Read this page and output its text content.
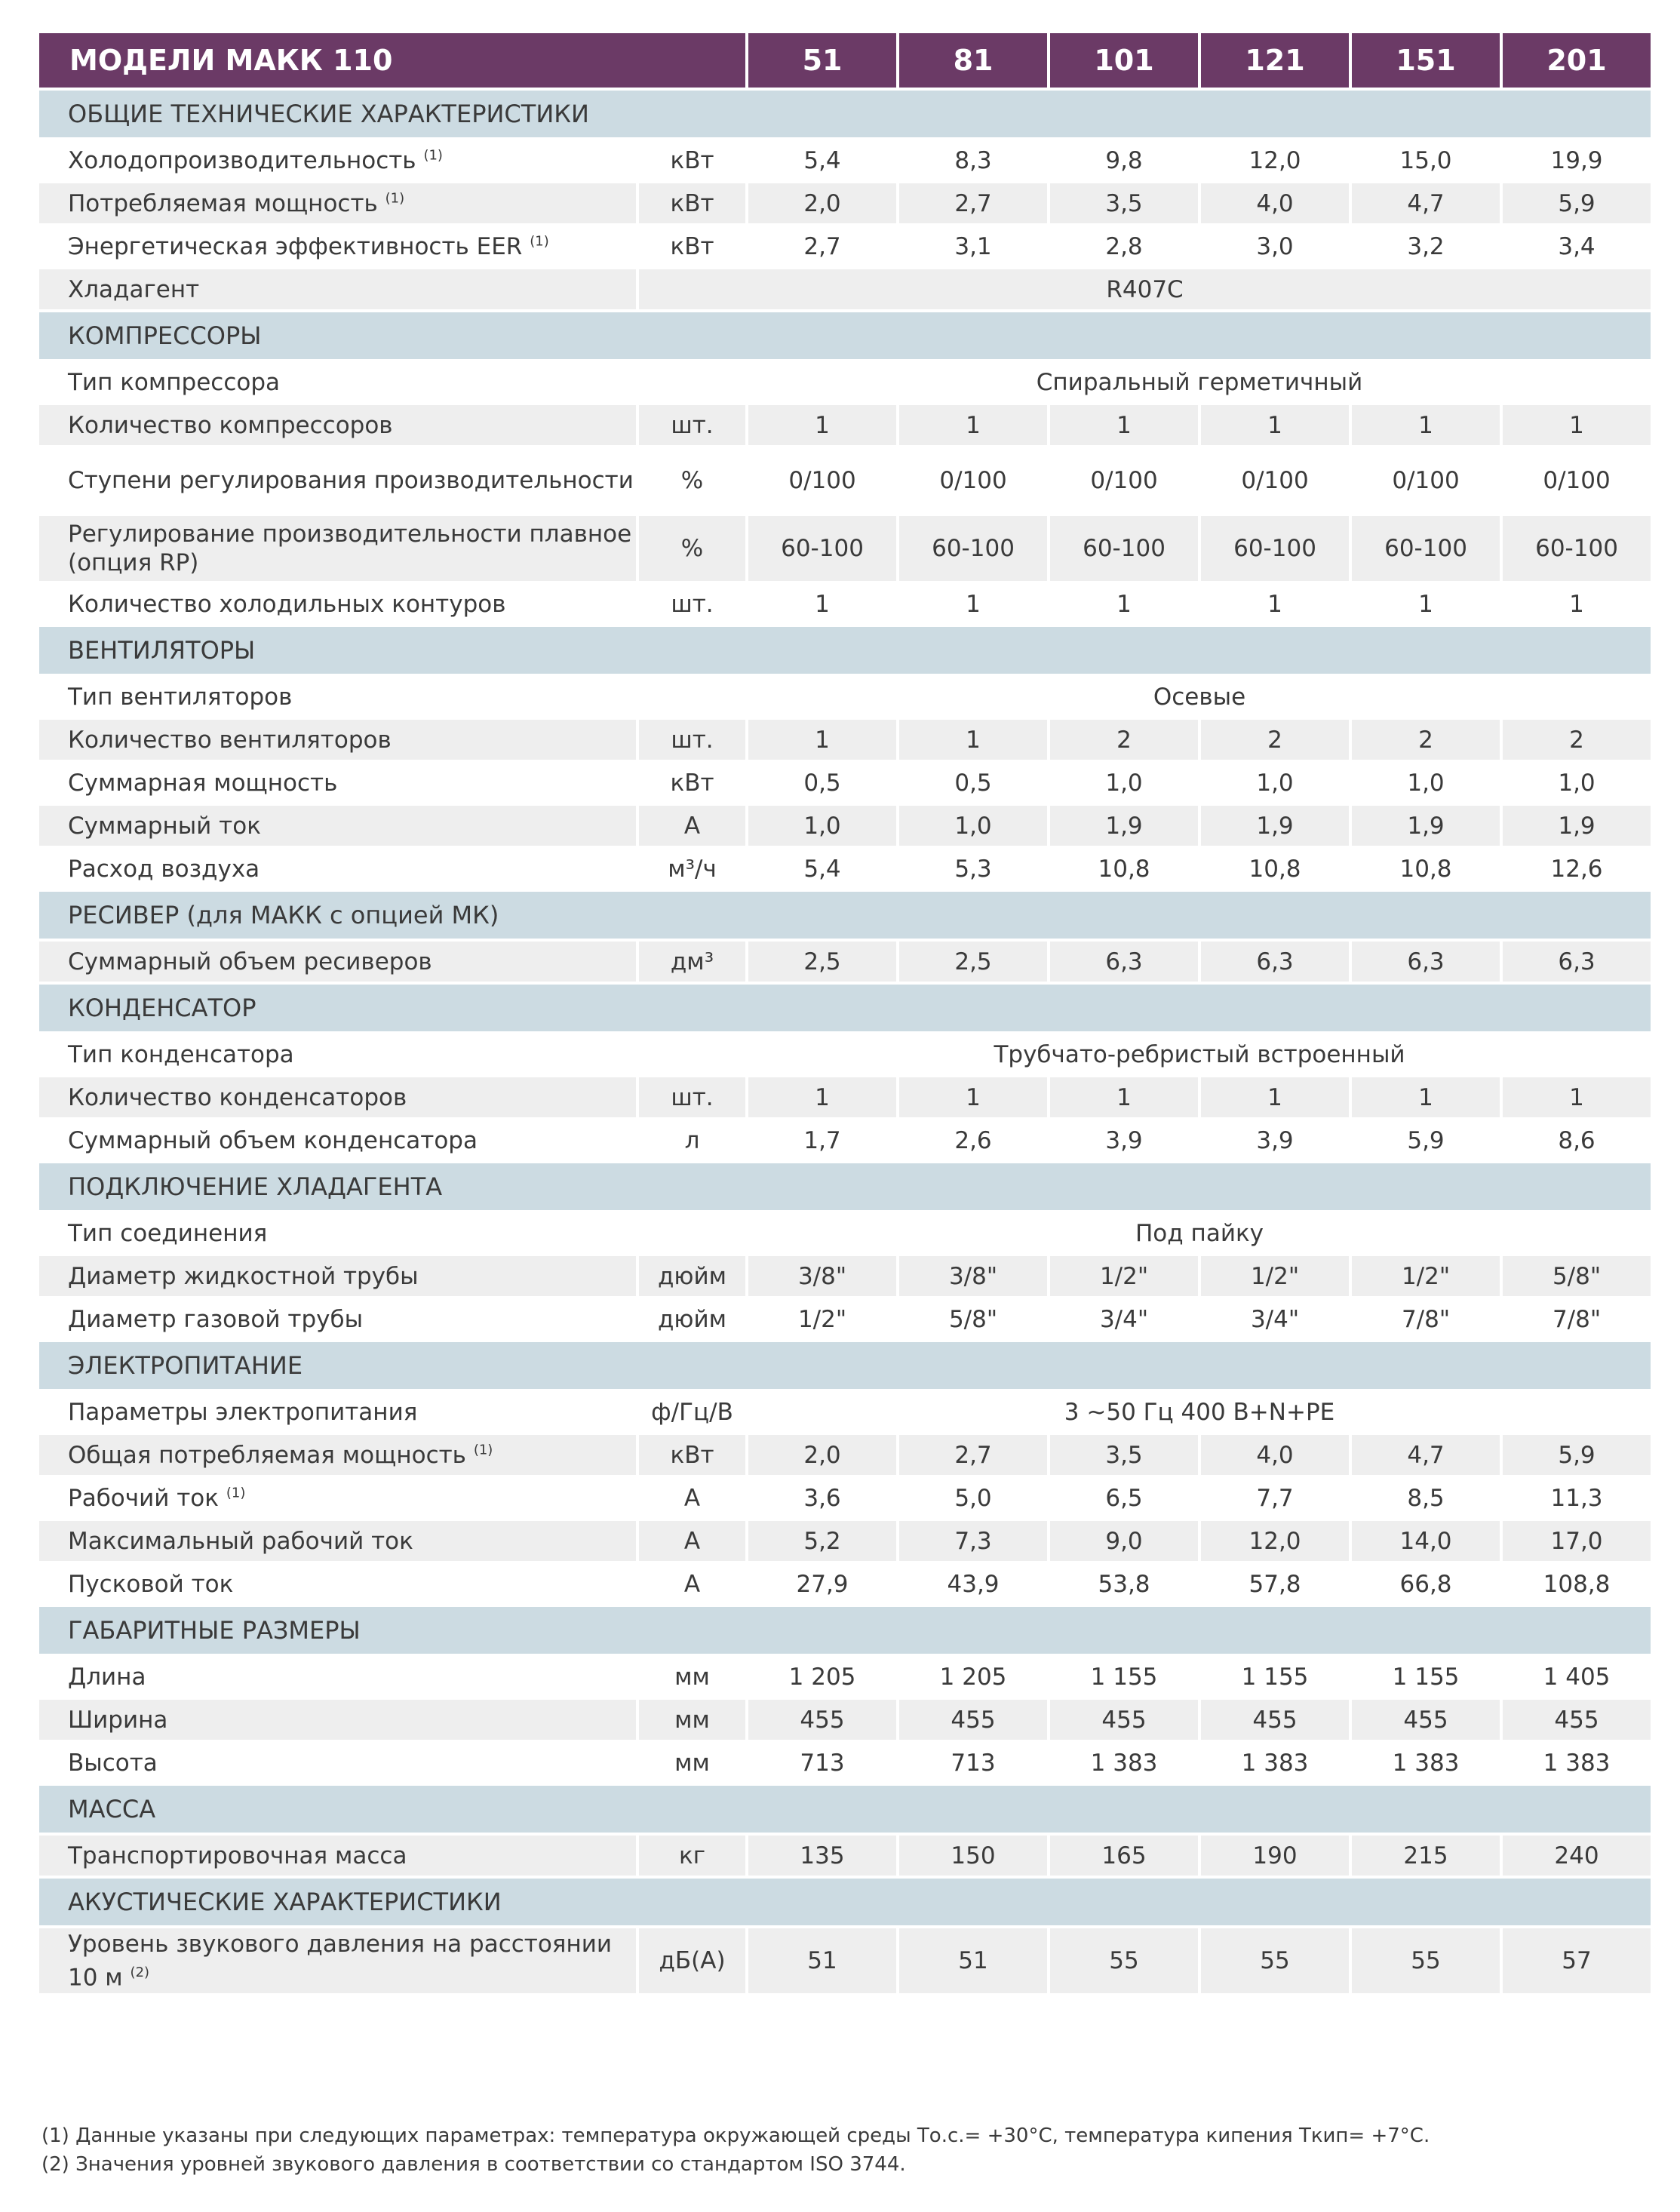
МОДЕЛИ МАКК 110		51	81	101	121	151	201
ОБЩИЕ ТЕХНИЧЕСКИЕ ХАРАКТЕРИСТИКИ							
Холодопроизводительность $^{(1)}$	кВт	5,4	8,3	9,8	12,0	15,0	19,9
Потребляемая мощность $^{(1)}$	кВт	2,0	2,7	3,5	4,0	4,7	5,9
Энергетическая эффективность EER $^{(1)}$	кВт	2,7	3,1	2,8	3,0	3,2	3,4
Хладагент	R407C						
КОМПРЕССОРЫ							
Тип компрессора		Спиральный герметичный					
Количество компрессоров	шт.	1	1	1	1	1	1
Ступени регулирования производительности	%	0/100	0/100	0/100	0/100	0/100	0/100
Регулирование производительности плавное (опция RP)	%	60-100	60-100	60-100	60-100	60-100	60-100
Количество холодильных контуров	шт.	1	1	1	1	1	1
ВЕНТИЛЯТОРЫ							
Тип вентиляторов		Осевые					
Количество вентиляторов	шт.	1	1	2	2	2	2
Суммарная мощность	кВт	0,5	0,5	1,0	1,0	1,0	1,0
Суммарный ток	А	1,0	1,0	1,9	1,9	1,9	1,9
Расход воздуха	м³/ч	5,4	5,3	10,8	10,8	10,8	12,6
РЕСИВЕР (для МАКК с опцией МК)							
Суммарный объем ресиверов	дм³	2,5	2,5	6,3	6,3	6,3	6,3
КОНДЕНСАТОР							
Тип конденсатора		Трубчато-ребристый встроенный					
Количество конденсаторов	шт.	1	1	1	1	1	1
Суммарный объем конденсатора	л	1,7	2,6	3,9	3,9	5,9	8,6
ПОДКЛЮЧЕНИЕ ХЛАДАГЕНТА							
Тип соединения		Под пайку					
Диаметр жидкостной трубы	дюйм	3/8"	3/8"	1/2"	1/2"	1/2"	5/8"
Диаметр газовой трубы	дюйм	1/2"	5/8"	3/4"	3/4"	7/8"	7/8"
ЭЛЕКТРОПИТАНИЕ							
Параметры электропитания	ф/Гц/В	3 ~50 Гц 400 В+N+PE					
Общая потребляемая мощность $^{(1)}$	кВт	2,0	2,7	3,5	4,0	4,7	5,9
Рабочий ток $^{(1)}$	А	3,6	5,0	6,5	7,7	8,5	11,3
Максимальный рабочий ток	А	5,2	7,3	9,0	12,0	14,0	17,0
Пусковой ток	А	27,9	43,9	53,8	57,8	66,8	108,8
ГАБАРИТНЫЕ РАЗМЕРЫ							
Длина	мм	1 205	1 205	1 155	1 155	1 155	1 405
Ширина	мм	455	455	455	455	455	455
Высота	мм	713	713	1 383	1 383	1 383	1 383
МАССА							
Транспортировочная масса	кг	135	150	165	190	215	240
АКУСТИЧЕСКИЕ ХАРАКТЕРИСТИКИ							
Уровень звукового давления на расстоянии 10 м $^{(2)}$	дБ(А)	51	51	55	55	55	57
(1) Данные указаны при следующих параметрах: температура окружающей среды То.с.= +30°С, температура кипения Ткип= +7°С.
(2) Значения уровней звукового давления в соответствии со стандартом ISO 3744.
